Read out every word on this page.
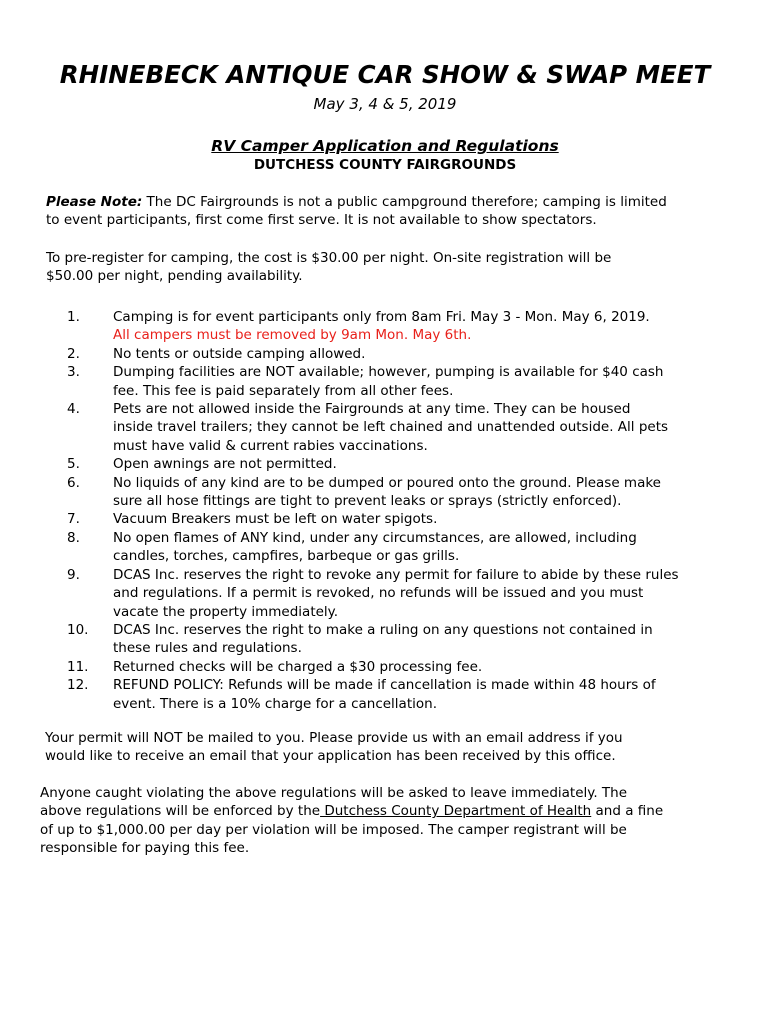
RHINEBECK ANTIQUE CAR SHOW & SWAP MEET
May 3, 4 & 5, 2019
RV Camper Application and Regulations
DUTCHESS COUNTY FAIRGROUNDS

Please Note: The DC Fairgrounds is not a public campground therefore; camping is limited
to event participants, first come first serve. It is not available to show spectators.

To pre-register for camping, the cost is $30.00 per night. On-site registration will be
$50.00 per night, pending availability.

1. Camping is for event participants only from 8am Fri. May 3 - Mon. May 6, 2019.
All campers must be removed by 9am Mon. May 6th.
2. No tents or outside camping allowed.
3. Dumping facilities are NOT available; however, pumping is available for $40 cash
fee. This fee is paid separately from all other fees.
4. Pets are not allowed inside the Fairgrounds at any time. They can be housed
inside travel trailers; they cannot be left chained and unattended outside. All pets
must have valid & current rabies vaccinations.
5. Open awnings are not permitted.
6. No liquids of any kind are to be dumped or poured onto the ground. Please make
sure all hose fittings are tight to prevent leaks or sprays (strictly enforced).
7. Vacuum Breakers must be left on water spigots.
8. No open flames of ANY kind, under any circumstances, are allowed, including
candles, torches, campfires, barbeque or gas grills.
9. DCAS Inc. reserves the right to revoke any permit for failure to abide by these rules
and regulations. If a permit is revoked, no refunds will be issued and you must
vacate the property immediately.
10. DCAS Inc. reserves the right to make a ruling on any questions not contained in
these rules and regulations.
11. Returned checks will be charged a $30 processing fee.
12. REFUND POLICY: Refunds will be made if cancellation is made within 48 hours of
event. There is a 10% charge for a cancellation.

Your permit will NOT be mailed to you. Please provide us with an email address if you
would like to receive an email that your application has been received by this office.

Anyone caught violating the above regulations will be asked to leave immediately. The
above regulations will be enforced by the Dutchess County Department of Health and a fine
of up to $1,000.00 per day per violation will be imposed. The camper registrant will be
responsible for paying this fee.
